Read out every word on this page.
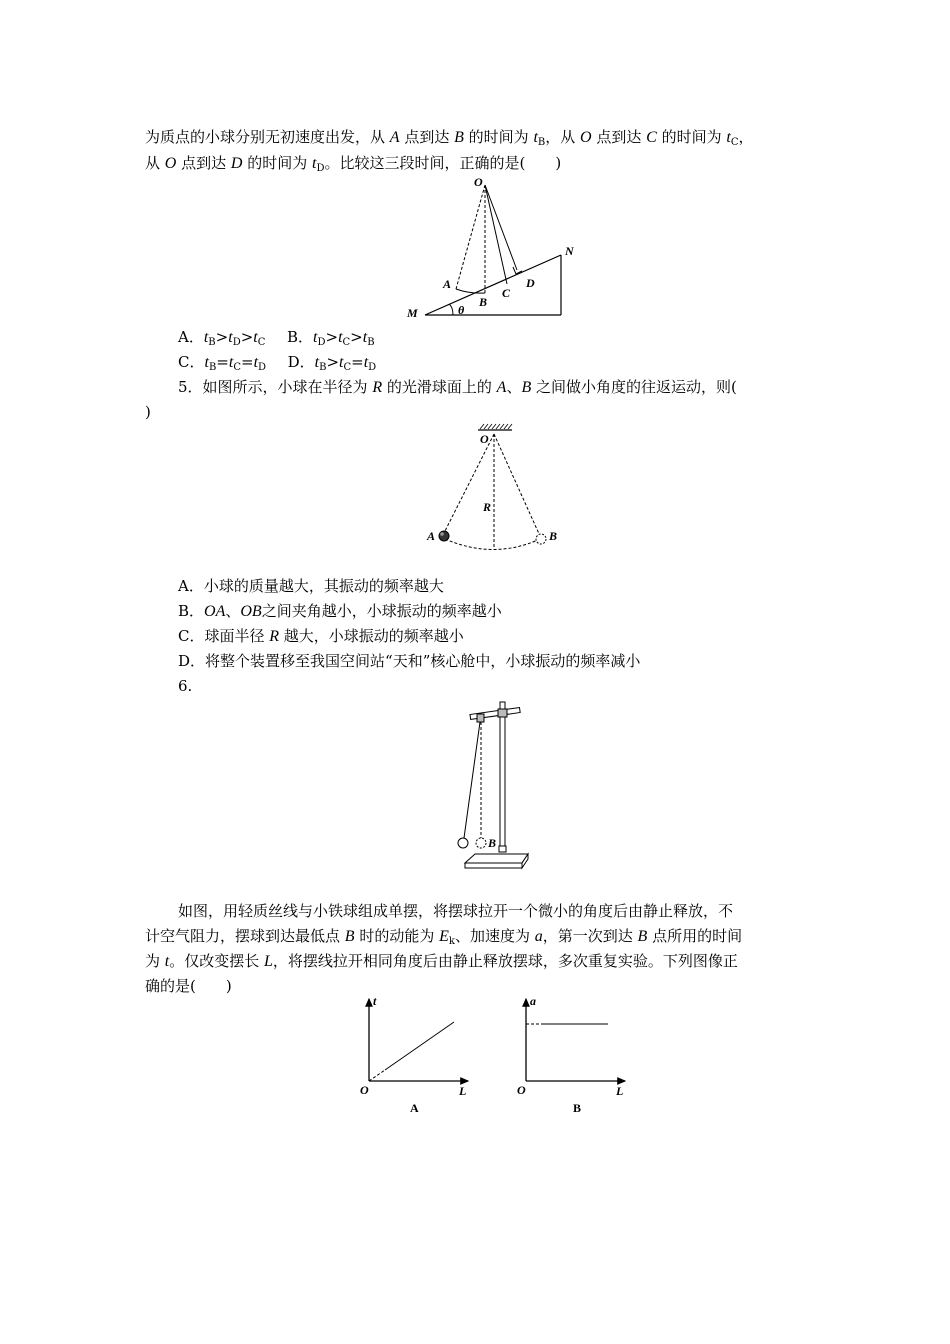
为质点的小球分别无初速度出发，从 A 点到达 B 的时间为 $t_B$，从 O 点到达 C 的时间为 $t_C$，
从 O 点到达 D 的时间为 $t_D$。比较这三段时间，正确的是(　　)
O
N
A
B
C
D
M	θ
A．$t_B>t_D>t_C$ B．$t_D>t_C>t_B$
C．$t_B=t_C=t_D$ D．$t_B>t_C=t_D$
5．如图所示，小球在半径为 R 的光滑球面上的 A、B 之间做小角度的往返运动，则(
)
O
R
A	B
A．小球的质量越大，其振动的频率越大
B．OA、OB之间夹角越小，小球振动的频率越小
C．球面半径 R 越大，小球振动的频率越小
D．将整个装置移至我国空间站“天和”核心舱中，小球振动的频率减小
6.
B
如图，用轻质丝线与小铁球组成单摆，将摆球拉开一个微小的角度后由静止释放，不
计空气阻力，摆球到达最低点 B 时的动能为 $E_k$、加速度为 a，第一次到达 B 点所用的时间
为 t。仅改变摆长 L，将摆线拉开相同角度后由静止释放摆球，多次重复实验。下列图像正
确的是(　　)
t
L
O
A
a
L
O
B
